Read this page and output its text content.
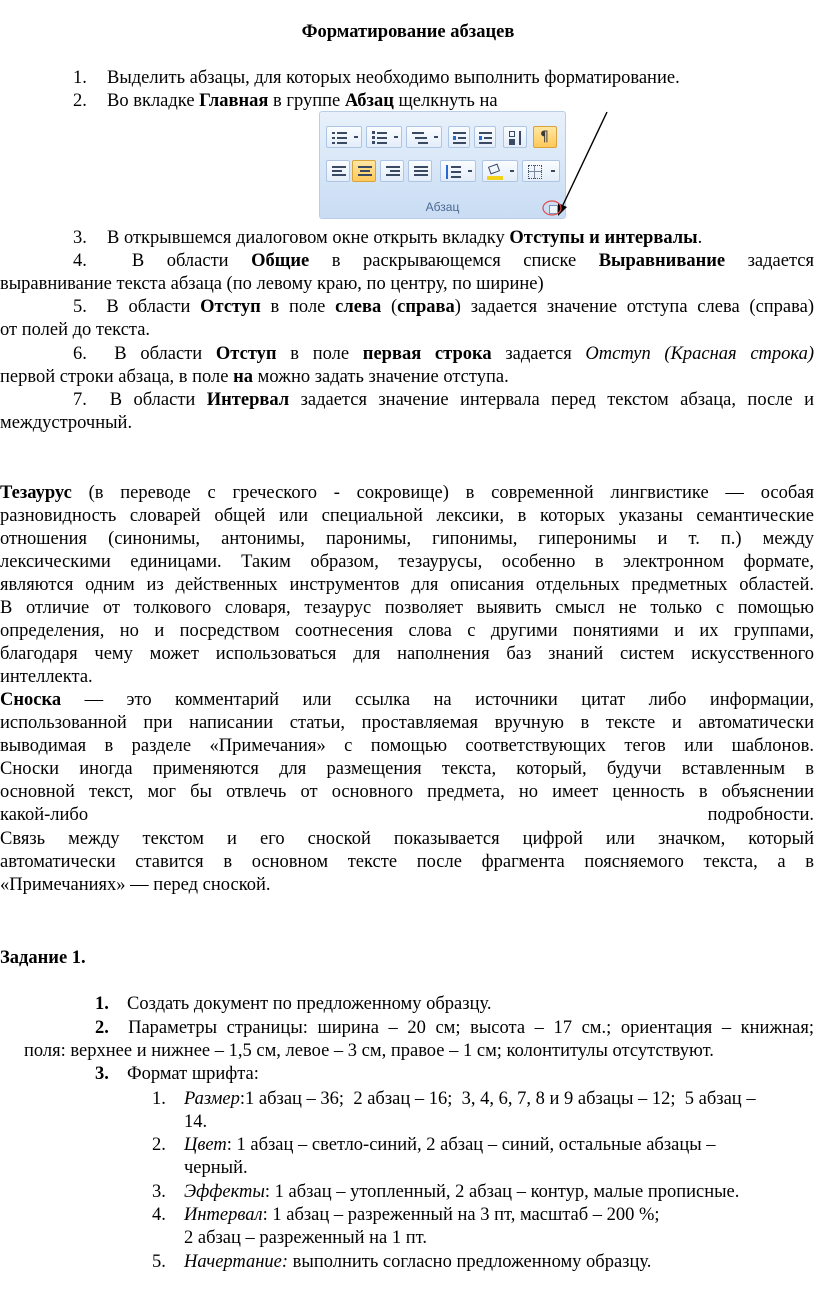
Форматирование абзацев
1. Выделить абзацы, для которых необходимо выполнить форматирование.
2. Во вкладке Главная в группе Абзац щелкнуть на
¶
Абзац
3. В открывшемся диалоговом окне открыть вкладку Отступы и интервалы.
4. В области Общие в раскрывающемся списке Выравнивание задается
выравнивание текста абзаца (по левому краю, по центру, по ширине)
5. В области Отступ в поле слева (справа) задается значение отступа слева (справа)
от полей до текста.
6. В области Отступ в поле первая строка задается Отступ (Красная строка)
первой строки абзаца, в поле на можно задать значение отступа.
7. В области Интервал задается значение интервала перед текстом абзаца, после и
междустрочный.
Тезаурус (в переводе с греческого - сокровище) в современной лингвистике — особая
разновидность словарей общей или специальной лексики, в которых указаны семантические
отношения (синонимы, антонимы, паронимы, гипонимы, гиперонимы и т. п.) между
лексическими единицами. Таким образом, тезаурусы, особенно в электронном формате,
являются одним из действенных инструментов для описания отдельных предметных областей.
В отличие от толкового словаря, тезаурус позволяет выявить смысл не только с помощью
определения, но и посредством соотнесения слова с другими понятиями и их группами,
благодаря чему может использоваться для наполнения баз знаний систем искусственного
интеллекта.
Сноска — это комментарий или ссылка на источники цитат либо информации,
использованной при написании статьи, проставляемая вручную в тексте и автоматически
выводимая в разделе «Примечания» с помощью соответствующих тегов или шаблонов.
Сноски иногда применяются для размещения текста, который, будучи вставленным в
основной текст, мог бы отвлечь от основного предмета, но имеет ценность в объяснении
какой-либо	подробности.
Связь между текстом и его сноской показывается цифрой или значком, который
автоматически ставится в основном тексте после фрагмента поясняемого текста, а в
«Примечаниях» — перед сноской.
Задание 1.
1. Создать документ по предложенному образцу.
2. Параметры страницы: ширина – 20 см; высота – 17 см.; ориентация – книжная;
поля: верхнее и нижнее – 1,5 см, левое – 3 см, правое – 1 см; колонтитулы отсутствуют.
3. Формат шрифта:
1. Размер:1 абзац – 36;  2 абзац – 16;  3, 4, 6, 7, 8 и 9 абзацы – 12;  5 абзац –
14.
2. Цвет: 1 абзац – светло-синий, 2 абзац – синий, остальные абзацы –
черный.
3. Эффекты: 1 абзац – утопленный, 2 абзац – контур, малые прописные.
4. Интервал: 1 абзац – разреженный на 3 пт, масштаб – 200 %;
2 абзац – разреженный на 1 пт.
5. Начертание: выполнить согласно предложенному образцу.
